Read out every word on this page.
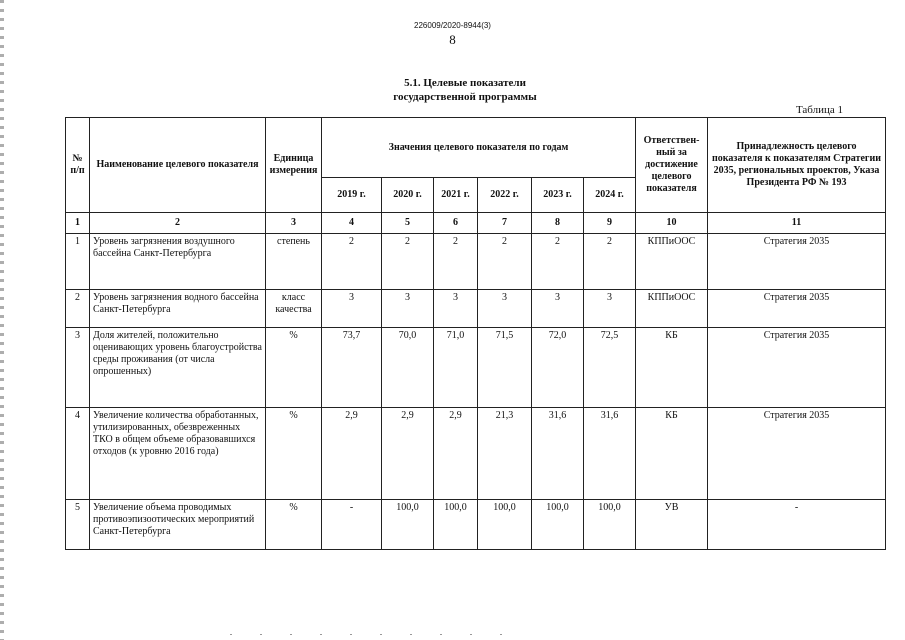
226009/2020-8944(3)
8
5.1. Целевые показатели
государственной программы
Таблица 1
№ п/п	Наименование целевого показателя	Единица измерения	Значения целевого показателя по годам						Ответствен-ный за достижение целевого показателя	Принадлежность целевого показателя к показателям Стратегии 2035, региональных проектов, Указа Президента РФ № 193
			2019 г.	2020 г.	2021 г.	2022 г.	2023 г.	2024 г.		
1	2	3	4	5	6	7	8	9	10	11
1	Уровень загрязнения воздушного бассейна Санкт-Петербурга	степень	2	2	2	2	2	2	КППиООС	Стратегия 2035
2	Уровень загрязнения водного бассейна Санкт-Петербурга	класс качества	3	3	3	3	3	3	КППиООС	Стратегия 2035
3	Доля жителей, положительно оценивающих уровень благоустройства среды проживания (от числа опрошенных)	%	73,7	70,0	71,0	71,5	72,0	72,5	КБ	Стратегия 2035
4	Увеличение количества обработанных, утилизированных, обезвреженных ТКО в общем объеме образовавшихся отходов (к уровню 2016 года)	%	2,9	2,9	2,9	21,3	31,6	31,6	КБ	Стратегия 2035
5	Увеличение объема проводимых противоэпизоотических мероприятий Санкт-Петербурга	%	-	100,0	100,0	100,0	100,0	100,0	УВ	-
